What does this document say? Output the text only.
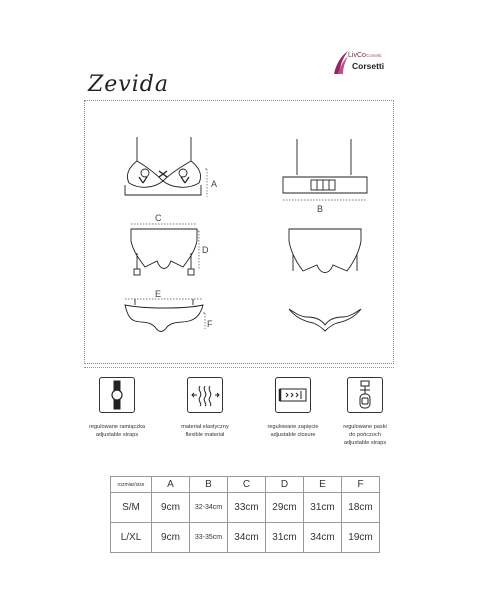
LivCo Corsetti
Corsetti
Zevida
A
B
C
D
E
F
regulowane ramiączka
adjustable straps
materiał elastyczny
flexible material
regulowane zapięcie
adjustable closure
regulowane paski
do pończoch
adjustable straps
rozmiar/size	A	B	C	D	E	F
S/M	9cm	32-34cm	33cm	29cm	31cm	18cm
L/XL	9cm	33-35cm	34cm	31cm	34cm	19cm
